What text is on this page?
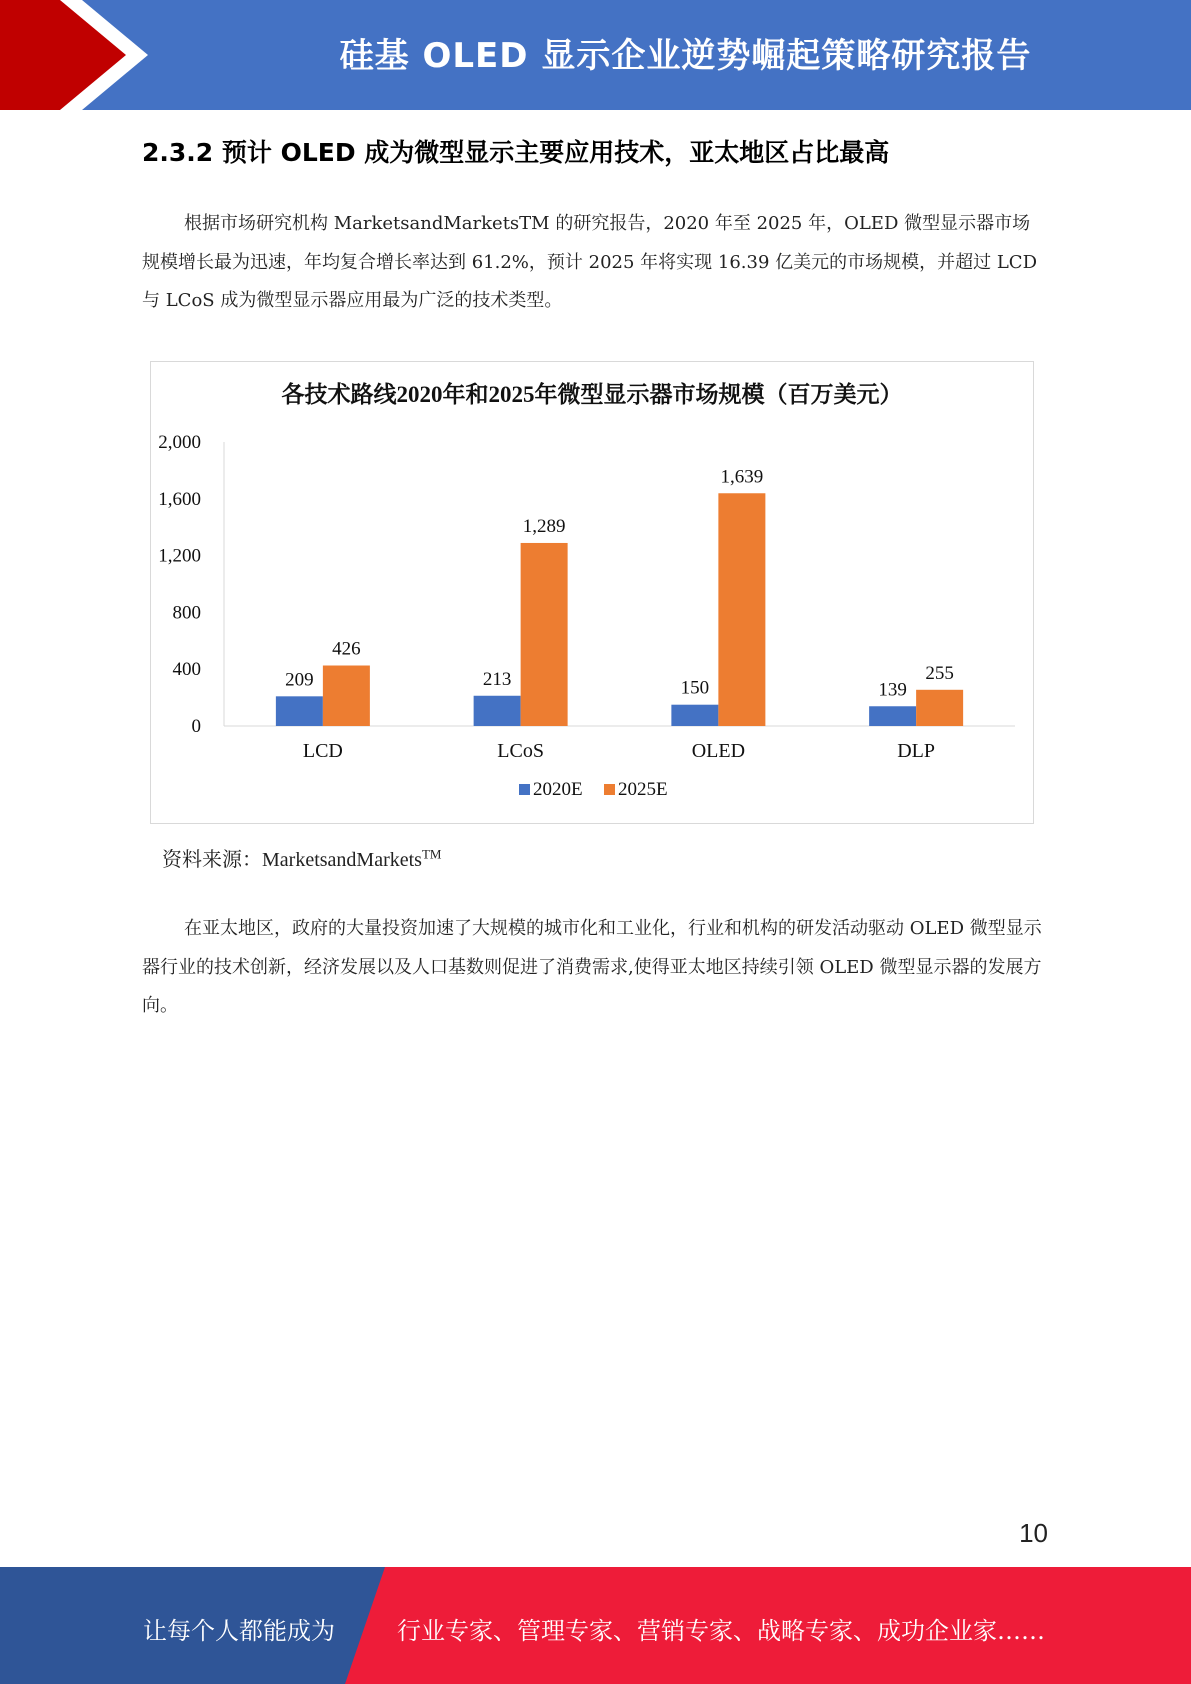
硅基 OLED 显示企业逆势崛起策略研究报告
2.3.2 预计 OLED 成为微型显示主要应用技术，亚太地区占比最高

根据市场研究机构 MarketsandMarketsTM 的研究报告，2020 年至 2025 年，OLED 微型显示器市场规模增长最为迅速，年均复合增长率达到 61.2%，预计 2025 年将实现 16.39 亿美元的市场规模，并超过 LCD 与 LCoS 成为微型显示器应用最为广泛的技术类型。

各技术路线2020年和2025年微型显示器市场规模（百万美元）
0
400
800
1,200
1,600
2,000
209
426
LCD
213
1,289
LCoS
150
1,639
OLED
139
255
DLP
2020E 2025E
资料来源：MarketsandMarkets™

在亚太地区，政府的大量投资加速了大规模的城市化和工业化，行业和机构的研发活动驱动 OLED 微型显示器行业的技术创新，经济发展以及人口基数则促进了消费需求,使得亚太地区持续引领 OLED 微型显示器的发展方向。

10
让每个人都能成为	行业专家、管理专家、营销专家、战略专家、成功企业家……
